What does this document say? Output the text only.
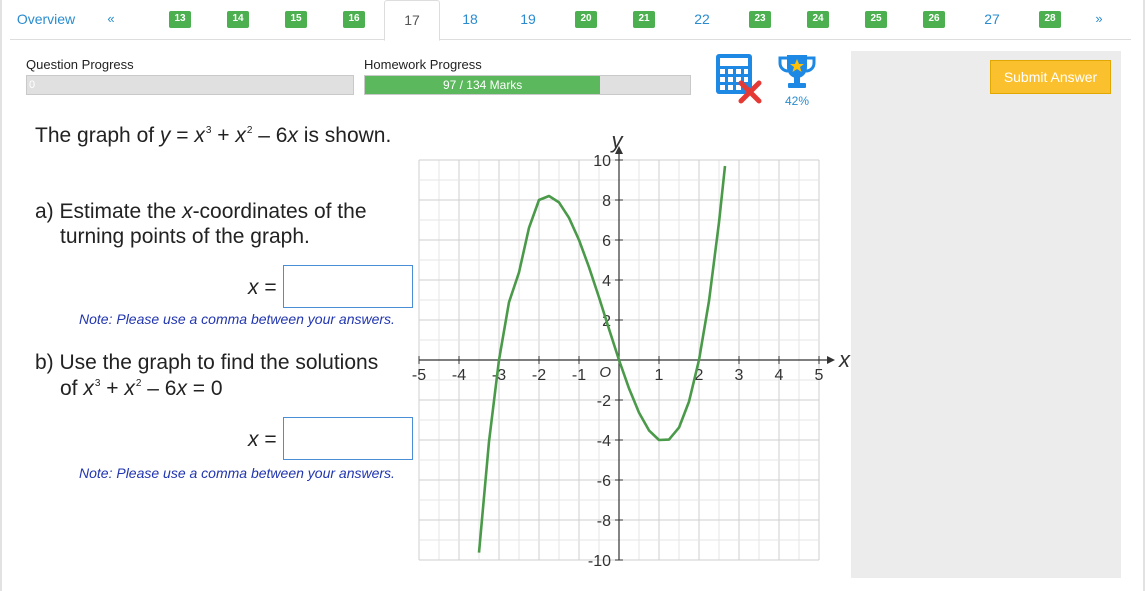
Overview	«	13	14	15	16	17	18	19	20	21	22	23	24	25	26	27	28	»
Question Progress
0
Homework Progress
97 / 134 Marks
42%
Submit Answer
The graph of $y = x^3 + x^2 - 6x$ is shown.
a) Estimate the x-coordinates of the
turning points of the graph.
x =
Note: Please use a comma between your answers.
b) Use the graph to find the solutions
of $x^3 + x^2 - 6x = 0$
x =
Note: Please use a comma between your answers.
-5 -4 -3 -2 -1	1 2 3 4 5
-10
-8
-6
-4
-2
2
4
6
8
10
O
x
y
